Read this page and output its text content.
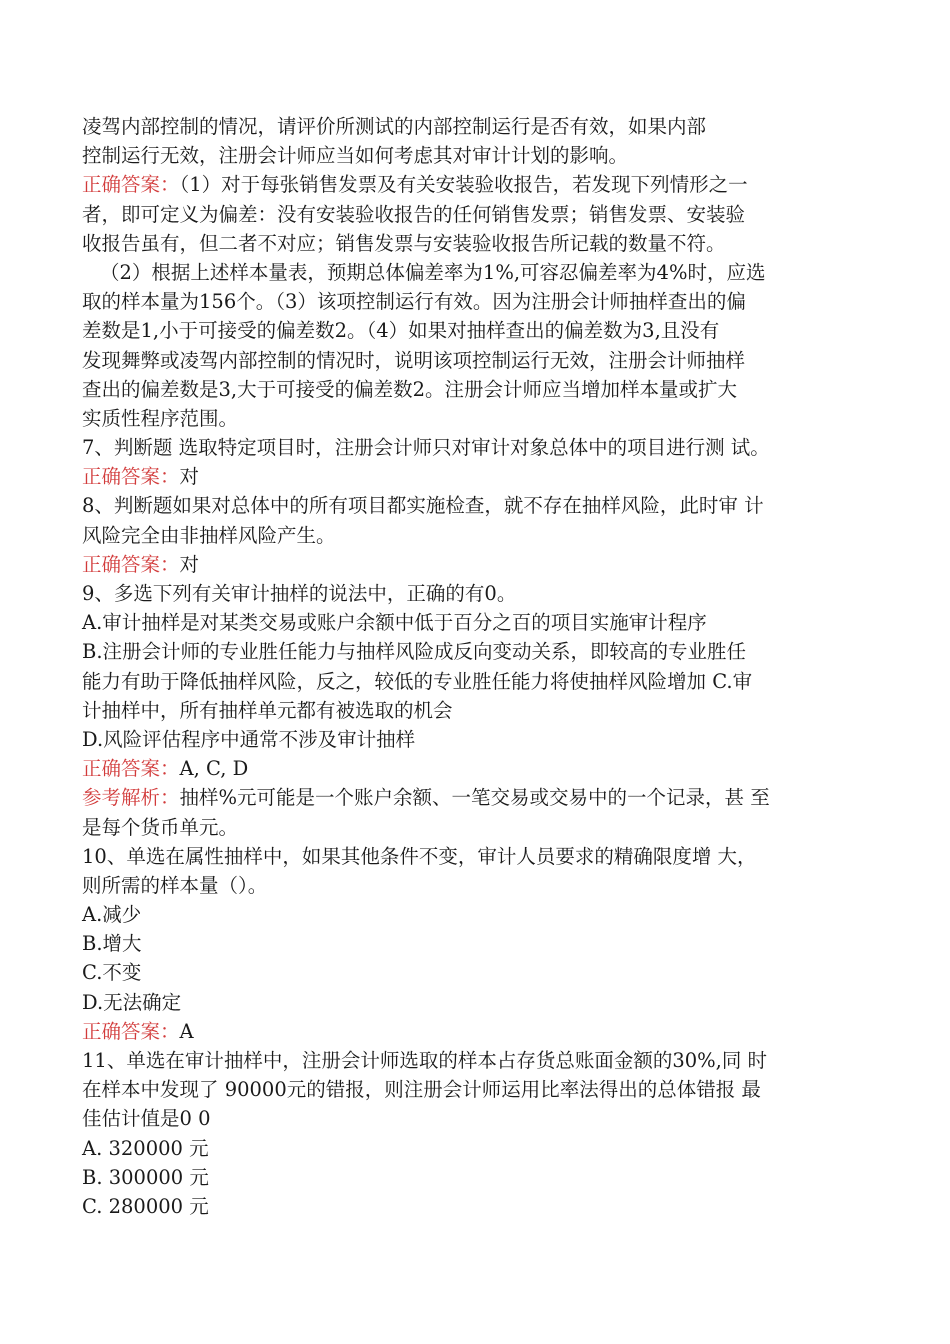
凌驾内部控制的情况，请评价所测试的内部控制运行是否有效，如果内部
控制运行无效，注册会计师应当如何考虑其对审计计划的影响。
正确答案：（1）对于每张销售发票及有关安装验收报告，若发现下列情形之一
者，即可定义为偏差：没有安装验收报告的任何销售发票；销售发票、安装验
收报告虽有，但二者不对应；销售发票与安装验收报告所记载的数量不符。
（2）根据上述样本量表，预期总体偏差率为1%,可容忍偏差率为4%时，应选
取的样本量为156个。（3）该项控制运行有效。因为注册会计师抽样查出的偏
差数是1,小于可接受的偏差数2。（4）如果对抽样查出的偏差数为3,且没有
发现舞弊或凌驾内部控制的情况时，说明该项控制运行无效，注册会计师抽样
查出的偏差数是3,大于可接受的偏差数2。注册会计师应当增加样本量或扩大
实质性程序范围。
7、判断题 选取特定项目时，注册会计师只对审计对象总体中的项目进行测 试。
正确答案：对
8、判断题如果对总体中的所有项目都实施检查，就不存在抽样风险，此时审 计
风险完全由非抽样风险产生。
正确答案：对
9、多选下列有关审计抽样的说法中，正确的有0。
A.审计抽样是对某类交易或账户余额中低于百分之百的项目实施审计程序
B.注册会计师的专业胜任能力与抽样风险成反向变动关系，即较高的专业胜任
能力有助于降低抽样风险，反之，较低的专业胜任能力将使抽样风险增加 C.审
计抽样中，所有抽样单元都有被选取的机会
D.风险评估程序中通常不涉及审计抽样
正确答案：A, C, D
参考解析：抽样%元可能是一个账户余额、一笔交易或交易中的一个记录，甚 至
是每个货币单元。
10、单选在属性抽样中，如果其他条件不变，审计人员要求的精确限度增 大，
则所需的样本量（）。
A.减少
B.增大
C.不变
D.无法确定
正确答案：A
11、单选在审计抽样中，注册会计师选取的样本占存货总账面金额的30%,同 时
在样本中发现了 90000元的错报，则注册会计师运用比率法得出的总体错报 最
佳估计值是0 0
A. 320000 元
B. 300000 元
C. 280000 元
